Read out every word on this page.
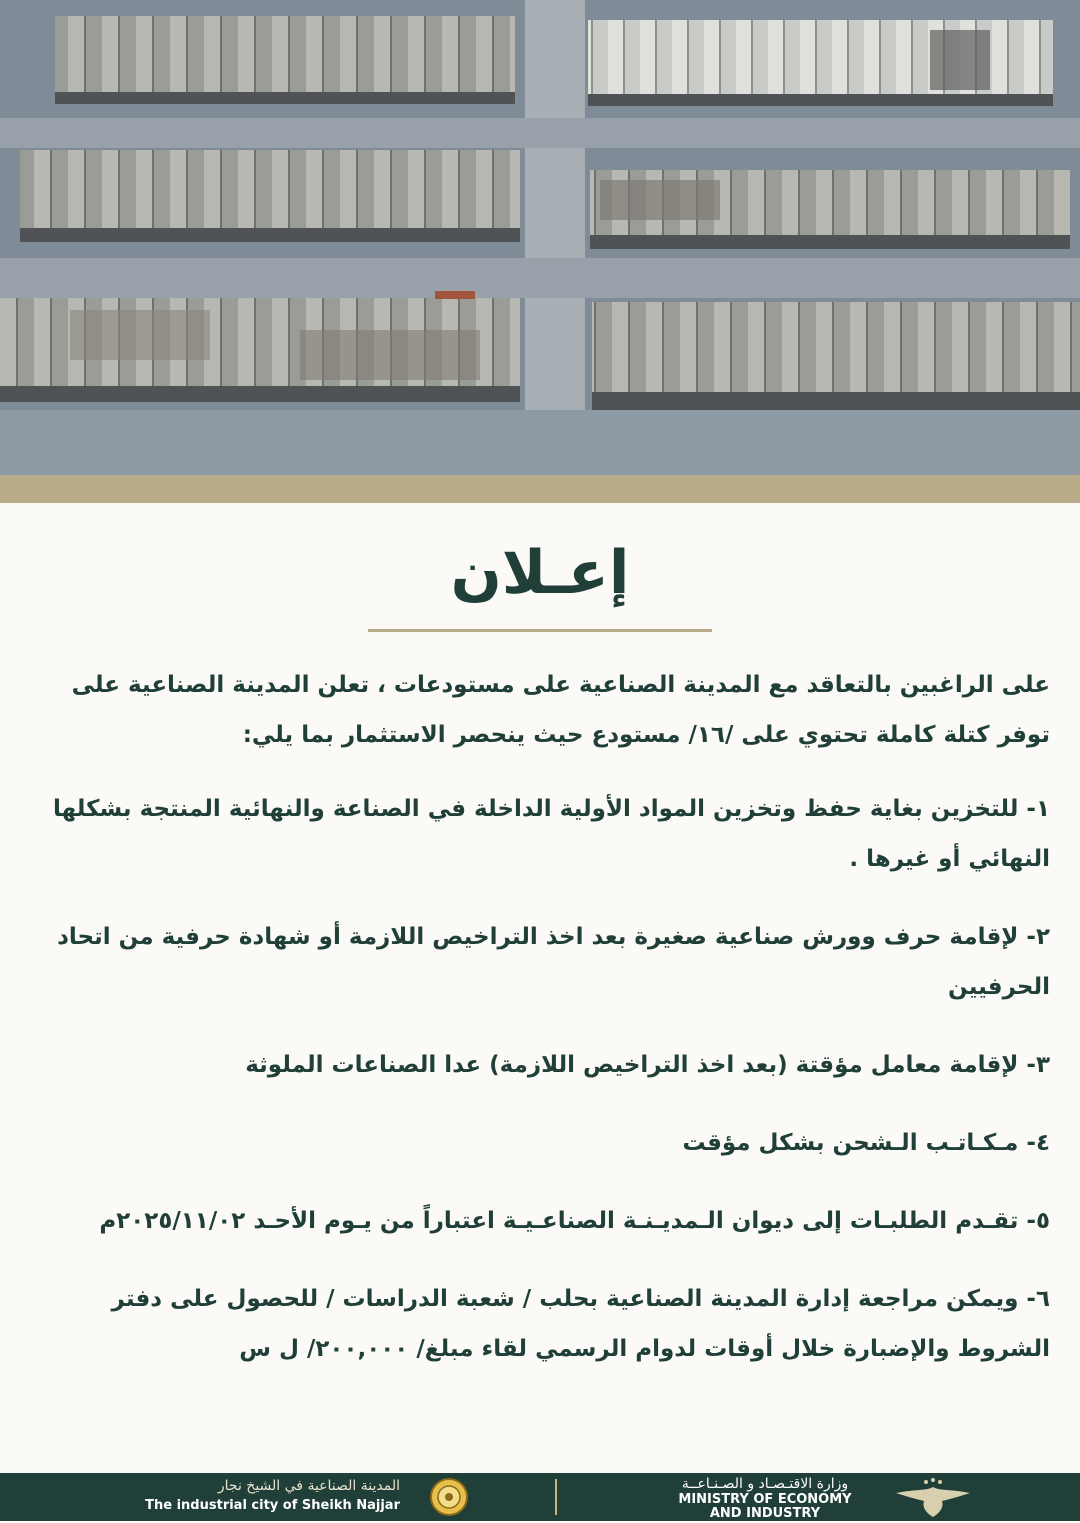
إعـلان

على الراغبين بالتعاقد مع المدينة الصناعية على مستودعات ، تعلن المدينة الصناعية على توفر كتلة كاملة تحتوي على /١٦/ مستودع حيث ينحصر الاستثمار بما يلي:

١- للتخزين بغاية حفظ وتخزين المواد الأولية الداخلة في الصناعة والنهائية المنتجة بشكلها النهائي أو غيرها .

٢- لإقامة حرف وورش صناعية صغيرة بعد اخذ التراخيص اللازمة أو شهادة حرفية من اتحاد الحرفيين

٣- لإقامة معامل مؤقتة (بعد اخذ التراخيص اللازمة) عدا الصناعات الملوثة

٤- مـكـاتـب الـشحن بشكل مؤقت

٥- تقـدم الطلبـات إلى ديوان الـمديـنـة الصناعـيـة اعتباراً من يـوم الأحـد ٢٠٢٥/١١/٠٢م

٦- ويمكن مراجعة إدارة المدينة الصناعية بحلب / شعبة الدراسات / للحصول على دفتر الشروط والإضبارة خلال أوقات لدوام الرسمي لقاء مبلغ/ ٢٠٠,٠٠٠/ ل س

المدينة الصناعية في الشيخ نجار
The industrial city of Sheikh Najjar
وزارة الاقتـصـاد و الصـنـاعــة
MINISTRY OF ECONOMY
AND INDUSTRY
